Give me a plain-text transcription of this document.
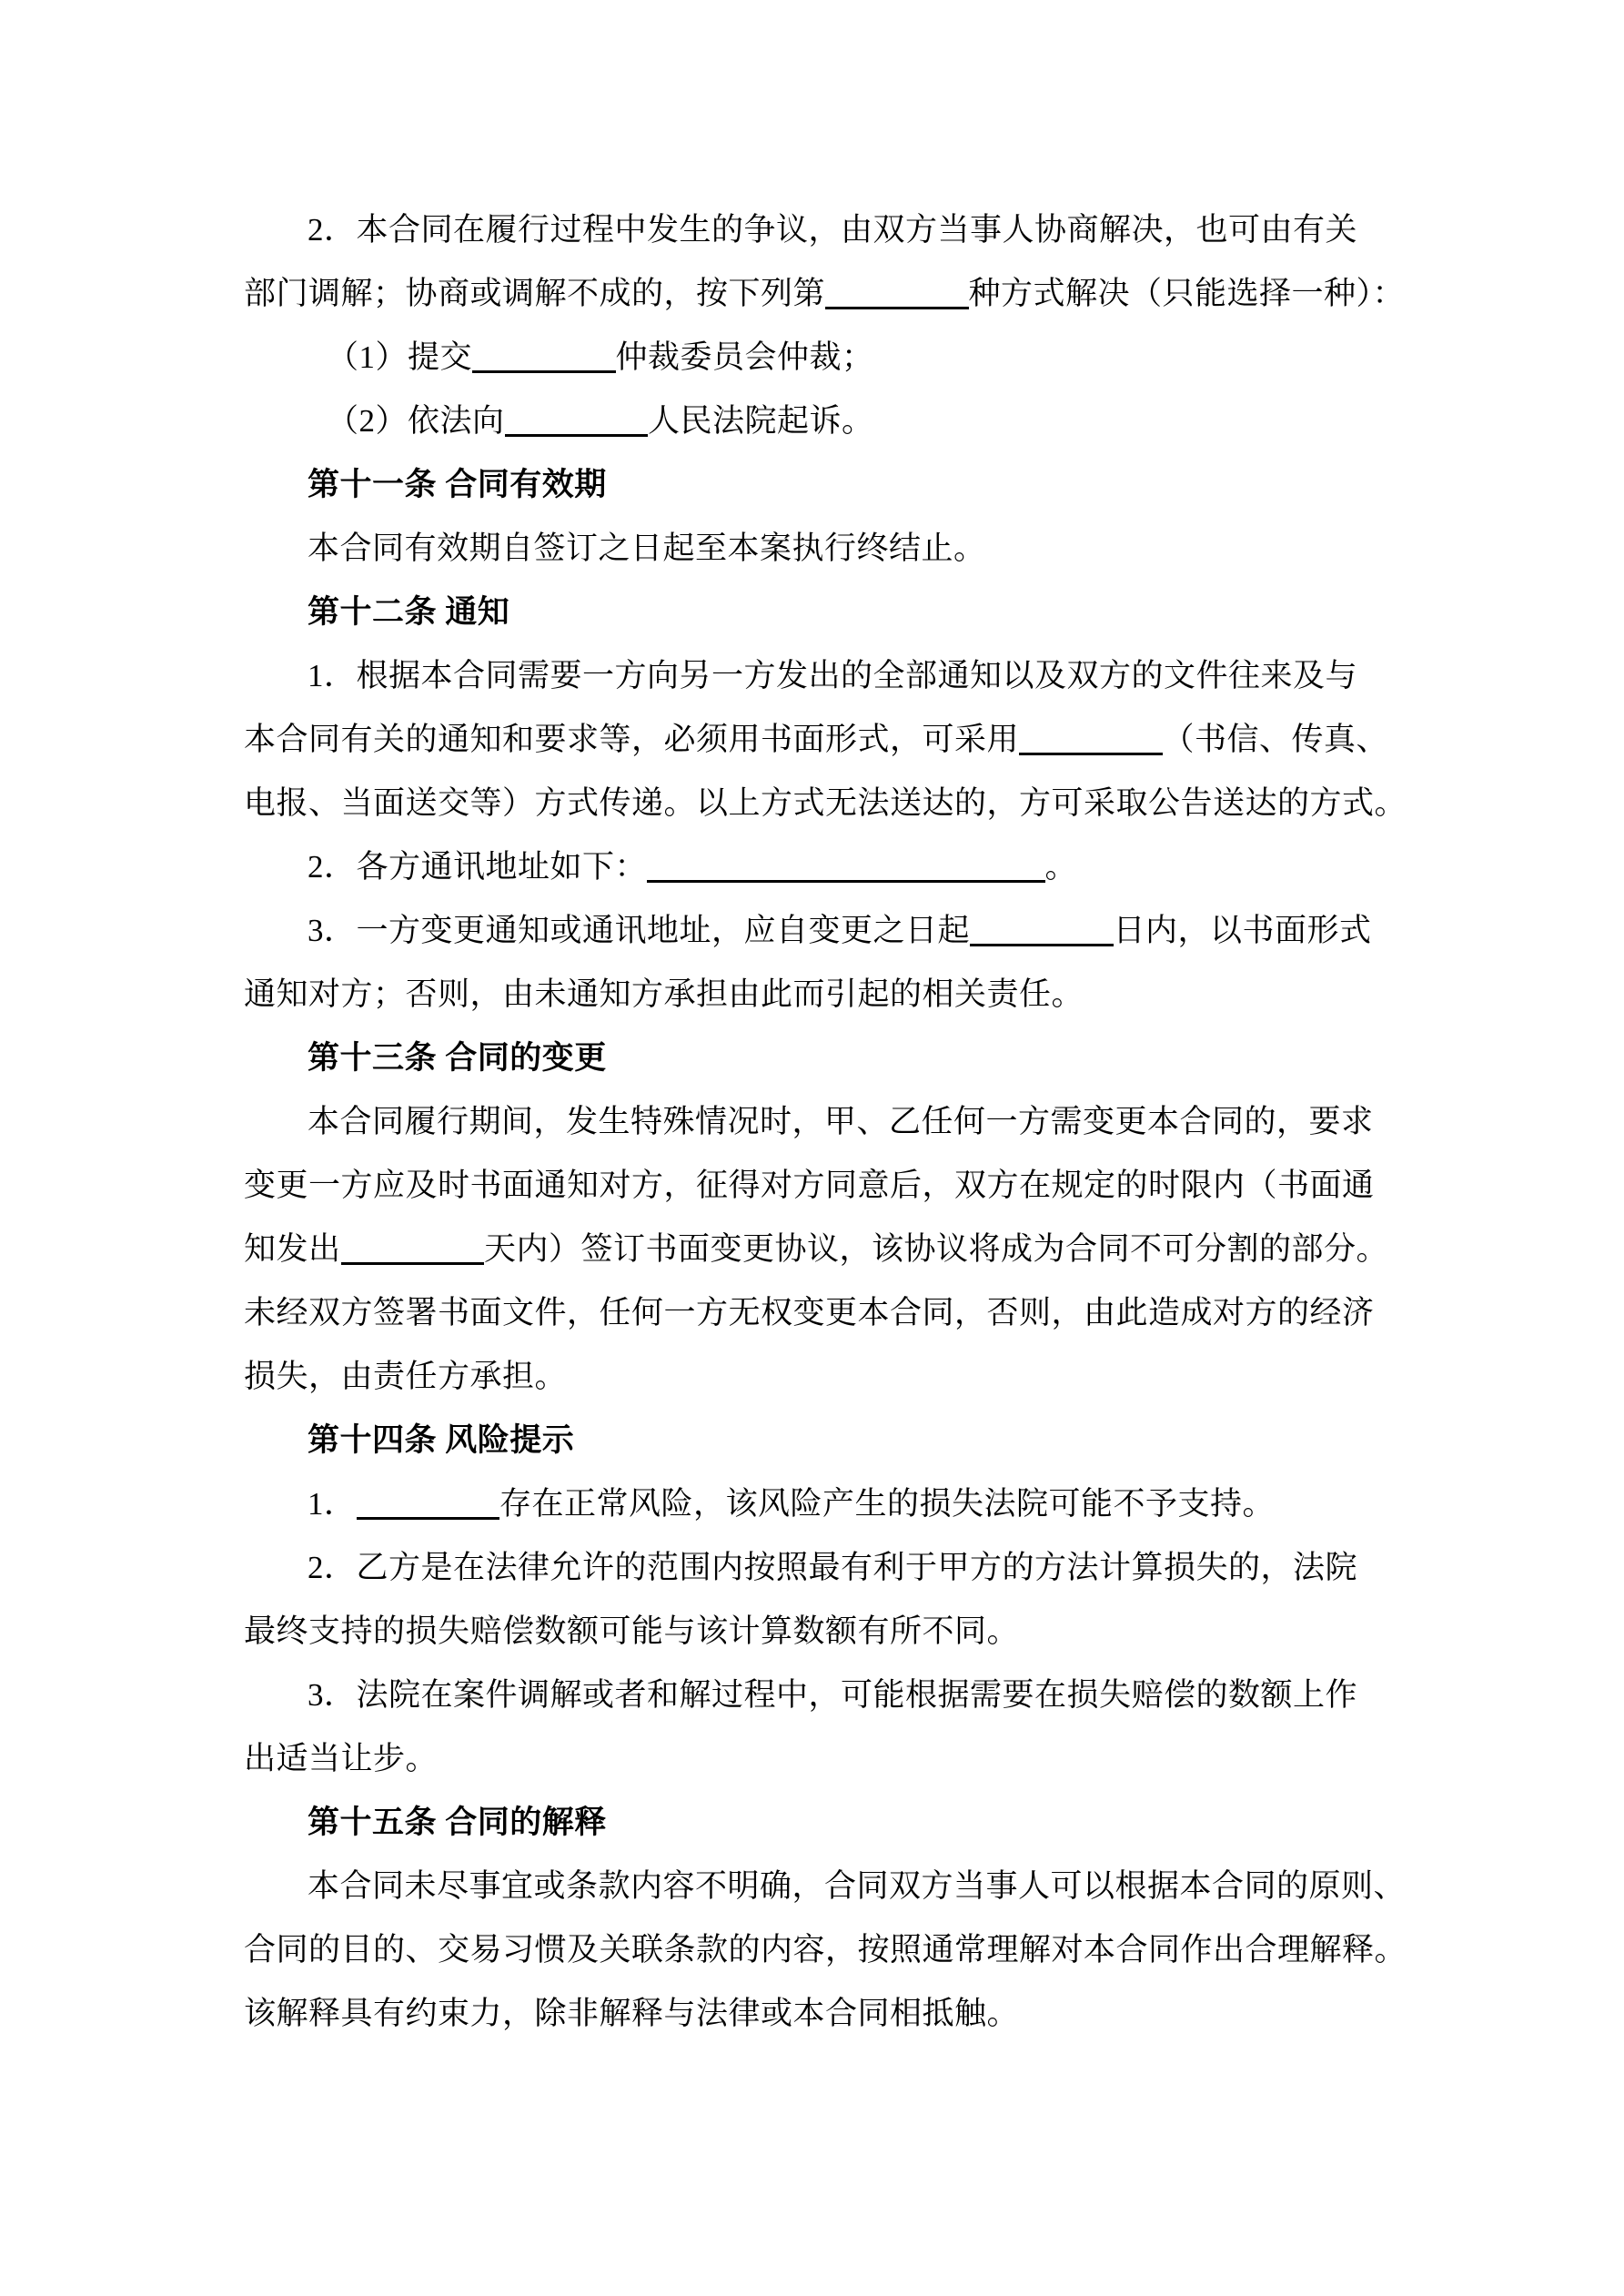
2．本合同在履行过程中发生的争议，由双方当事人协商解决，也可由有关
部门调解；协商或调解不成的，按下列第	种方式解决（只能选择一种）：
（1）提交	仲裁委员会仲裁；
（2）依法向	人民法院起诉。
第十一条 合同有效期
本合同有效期自签订之日起至本案执行终结止。
第十二条 通知
1．根据本合同需要一方向另一方发出的全部通知以及双方的文件往来及与
本合同有关的通知和要求等，必须用书面形式，可采用	（书信、传真、
电报、当面送交等）方式传递。以上方式无法送达的，方可采取公告送达的方式。
2．各方通讯地址如下：	。
3．一方变更通知或通讯地址，应自变更之日起	日内，以书面形式
通知对方；否则，由未通知方承担由此而引起的相关责任。
第十三条 合同的变更
本合同履行期间，发生特殊情况时，甲、乙任何一方需变更本合同的，要求
变更一方应及时书面通知对方，征得对方同意后，双方在规定的时限内（书面通
知发出	天内）签订书面变更协议，该协议将成为合同不可分割的部分。
未经双方签署书面文件，任何一方无权变更本合同，否则，由此造成对方的经济
损失，由责任方承担。
第十四条 风险提示
1．	存在正常风险，该风险产生的损失法院可能不予支持。
2．乙方是在法律允许的范围内按照最有利于甲方的方法计算损失的，法院
最终支持的损失赔偿数额可能与该计算数额有所不同。
3．法院在案件调解或者和解过程中，可能根据需要在损失赔偿的数额上作
出适当让步。
第十五条 合同的解释
本合同未尽事宜或条款内容不明确，合同双方当事人可以根据本合同的原则、
合同的目的、交易习惯及关联条款的内容，按照通常理解对本合同作出合理解释。
该解释具有约束力，除非解释与法律或本合同相抵触。
